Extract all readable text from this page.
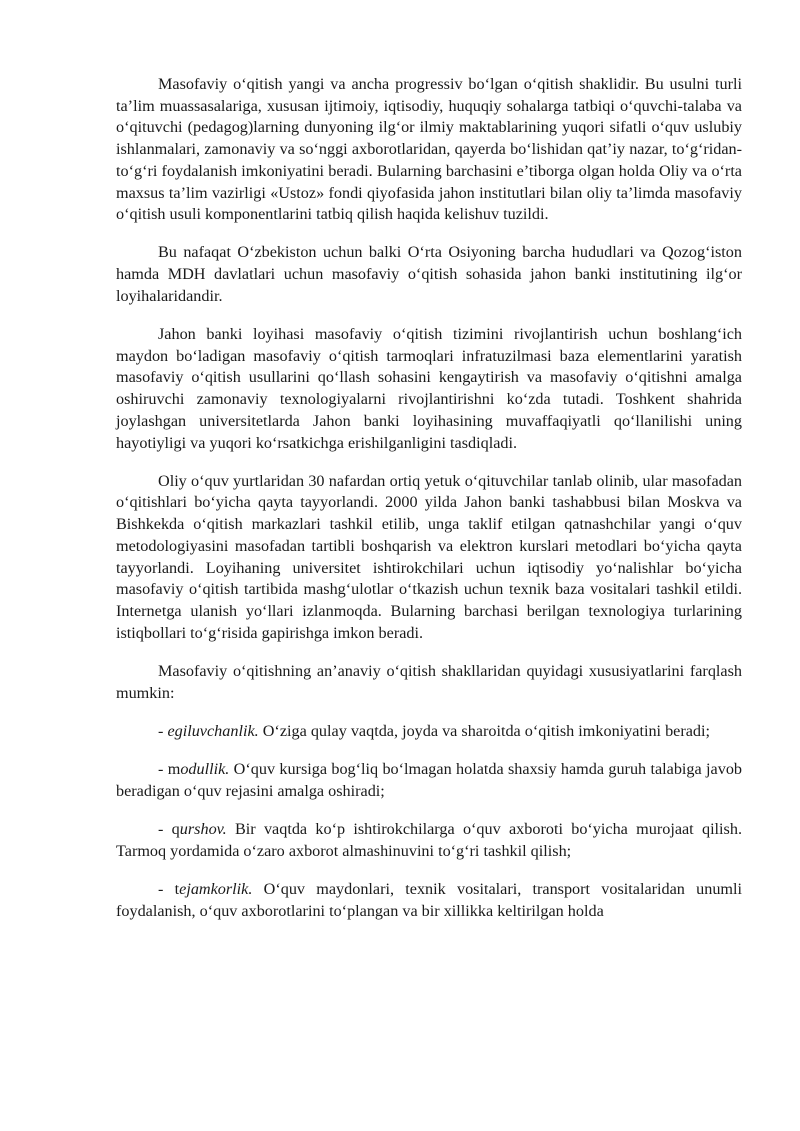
Masofaviy o‘qitish yangi va ancha progressiv bo‘lgan o‘qitish shaklidir. Bu usulni turli ta’lim muassasalariga, xususan ijtimoiy, iqtisodiy, huquqiy sohalarga tatbiqi o‘quvchi-talaba va o‘qituvchi (pedagog)larning dunyoning ilg‘or ilmiy maktablarining yuqori sifatli o‘quv uslubiy ishlanmalari, zamonaviy va so‘nggi axborotlaridan, qayerda bo‘lishidan qat’iy nazar, to‘g‘ridan-to‘g‘ri foydalanish imkoniyatini beradi. Bularning barchasini e’tiborga olgan holda Oliy va o‘rta maxsus ta’lim vazirligi «Ustoz» fondi qiyofasida jahon institutlari bilan oliy ta’limda masofaviy o‘qitish usuli komponentlarini tatbiq qilish haqida kelishuv tuzildi.

Bu nafaqat O‘zbekiston uchun balki O‘rta Osiyoning barcha hududlari va Qozog‘iston hamda MDH davlatlari uchun masofaviy o‘qitish sohasida jahon banki institutining ilg‘or loyihalaridandir.

Jahon banki loyihasi masofaviy o‘qitish tizimini rivojlantirish uchun boshlang‘ich maydon bo‘ladigan masofaviy o‘qitish tarmoqlari infratuzilmasi baza elementlarini yaratish masofaviy o‘qitish usullarini qo‘llash sohasini kengaytirish va masofaviy o‘qitishni amalga oshiruvchi zamonaviy texnologiyalarni rivojlantirishni ko‘zda tutadi. Toshkent shahrida joylashgan universitetlarda Jahon banki loyihasining muvaffaqiyatli qo‘llanilishi uning hayotiyligi va yuqori ko‘rsatkichga erishilganligini tasdiqladi.

Oliy o‘quv yurtlaridan 30 nafardan ortiq yetuk o‘qituvchilar tanlab olinib, ular masofadan o‘qitishlari bo‘yicha qayta tayyorlandi. 2000 yilda Jahon banki tashabbusi bilan Moskva va Bishkekda o‘qitish markazlari tashkil etilib, unga taklif etilgan qatnashchilar yangi o‘quv metodologiyasini masofadan tartibli boshqarish va elektron kurslari metodlari bo‘yicha qayta tayyorlandi. Loyihaning universitet ishtirokchilari uchun iqtisodiy yo‘nalishlar bo‘yicha masofaviy o‘qitish tartibida mashg‘ulotlar o‘tkazish uchun texnik baza vositalari tashkil etildi. Internetga ulanish yo‘llari izlanmoqda. Bularning barchasi berilgan texnologiya turlarining istiqbollari to‘g‘risida gapirishga imkon beradi.

Masofaviy o‘qitishning an’anaviy o‘qitish shakllaridan quyidagi xususiyatlarini farqlash mumkin:

- egiluvchanlik. O‘ziga qulay vaqtda, joyda va sharoitda o‘qitish imkoniyatini beradi;

- modullik. O‘quv kursiga bog‘liq bo‘lmagan holatda shaxsiy hamda guruh talabiga javob beradigan o‘quv rejasini amalga oshiradi;

- qurshov. Bir vaqtda ko‘p ishtirokchilarga o‘quv axboroti bo‘yicha murojaat qilish. Tarmoq yordamida o‘zaro axborot almashinuvini to‘g‘ri tashkil qilish;

- tejamkorlik. O‘quv maydonlari, texnik vositalari, transport vositalaridan unumli foydalanish, o‘quv axborotlarini to‘plangan va bir xillikka keltirilgan holda
